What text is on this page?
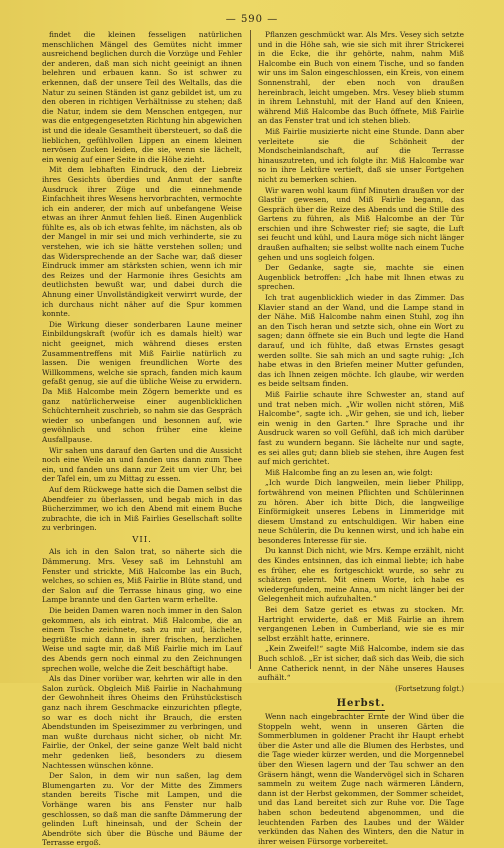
— 590 —

findet die kleinen fesseligen natürlichen menschlichen Mängel des Gemütes nicht immer ausreichend beglichen durch die Vorzüge und Fehler der anderen, daß man sich nicht geeinigt an ihnen belehren und erbauen kann. So ist schwer zu erkennen, daß der unsere Teil des Weltalls, das die Natur zu seinen Ständen ist ganz gebildet ist, um zu den oberen in richtigen Verhältnisse zu stehen; daß die Natur, indem sie dem Menschen entgegen, nur was die entgegengesetzten Richtung hin abgewichen ist und die ideale Gesamtheit übersteuert, so daß die lieblichen, gefühlvollen Lippen an einem kleinen nervösen Zucken leiden, die sie, wenn sie lächelt, ein wenig auf einer Seite in die Höhe zieht.

Mit dem lebhaften Eindruck, den der Liebreiz ihres Gesichts überdies und Anmut der sanfte Ausdruck ihrer Züge und die einnehmende Einfachheit ihres Wesens hervorbrachten, vermochte ich ein anderer, der mich auf unbefangene Weise etwas an ihrer Anmut fehlen ließ. Einen Augenblick fühlte es, als ob ich etwas fehlte, im nächsten, als ob der Mangel in mir sei und mich verhinderte, sie zu verstehen, wie ich sie hätte verstehen sollen; und das Widersprechende an der Sache war, daß dieser Eindruck immer am stärksten schien, wenn ich mir des Reizes und der Harmonie ihres Gesichts am deutlichsten bewußt war, und dabei durch die Ahnung einer Unvollständigkeit verwirrt wurde, der ich durchaus nicht näher auf die Spur kommen konnte.

Die Wirkung dieser sonderbaren Laune meiner Einbildungskraft (wofür ich es damals hielt) war nicht geeignet, mich während dieses ersten Zusammentreffens mit Miß Fairlie natürlich zu lassen. Die wenigen freundlichen Worte des Willkommens, welche sie sprach, fanden mich kaum gefaßt genug, sie auf die übliche Weise zu erwidern. Da Miß Halcombe mein Zögern bemerkte und es ganz natürlicherweise einer augenblicklichen Schüchternheit zuschrieb, so nahm sie das Gespräch wieder so unbefangen und besonnen auf, wie gewöhnlich und schon früher eine kleine Ausfallpause.

Wir sahen uns darauf den Garten und die Aussicht noch eine Weile an und fanden uns dann zum Thee ein, und fanden uns dann zur Zeit um vier Uhr, bei der Tafel ein, um zu Mittag zu essen.

Auf dem Rückwege hatte sich die Damen selbst die Abendfeier zu überlassen, und begab mich in das Bücherzimmer, wo ich den Abend mit einem Buche zubrachte, die ich in Miß Fairlies Gesellschaft sollte zu verbringen.

VII.

Als ich in den Salon trat, so näherte sich die Dämmerung. Mrs. Vesey saß im Lehnstuhl am Fenster und strickte, Miß Halcombe las ein Buch, welches, so schien es, Miß Fairlie in Blüte stand, und der Salon auf die Terrasse hinaus ging, wo eine Lampe brannte und den Garten warm erhellte.

Die beiden Damen waren noch immer in den Salon gekommen, als ich eintrat. Miß Halcombe, die an einem Tische zeichnete, sah zu mir auf, lächelte, begrüßte mich dann in ihrer frischen, herzlichen Weise und sagte mir, daß Miß Fairlie mich im Lauf des Abends gern noch einmal zu den Zeichnungen sprechen wolle, welche die Zeit beschäftigt habe.

Als das Diner vorüber war, kehrten wir alle in den Salon zurück. Obgleich Miß Fairlie in Nachahmung der Gewohnheit ihres Oheims den Frühstückstisch ganz nach ihrem Geschmacke einzurichten pflegte, so war es doch nicht ihr Brauch, die ersten Abendstunden im Speisezimmer zu verbringen, und man wußte durchaus nicht sicher, ob nicht Mr. Fairlie, der Onkel, der seine ganze Welt bald nicht mehr gedenken ließ, besonders zu diesem Nachtessen wünschen könne.

Der Salon, in dem wir nun saßen, lag dem Blumengarten zu. Vor der Mitte des Zimmers standen bereits Tische mit Lampen, und die Vorhänge waren bis ans Fenster nur halb geschlossen, so daß man die sanfte Dämmerung der gelinden Luft hineinsah, und der Schein der Abendröte sich über die Büsche und Bäume der Terrasse ergoß.

Pflanzen geschmückt war. Als Mrs. Vesey sich setzte und in die Höhe sah, wie sie sich mit ihrer Strickerei in die Ecke, die ihr gehörte, nahm, nahm Miß Halcombe ein Buch von einem Tische, und so fanden wir uns im Salon eingeschlossen, ein Kreis, von einem Sonnenstrahl, der eben noch von draußen hereinbrach, leicht umgeben. Mrs. Vesey blieb stumm in ihrem Lehnstuhl, mit der Hand auf den Knieen, während Miß Halcombe das Buch öffnete, Miß Fairlie an das Fenster trat und ich stehen blieb.

Miß Fairlie musizierte nicht eine Stunde. Dann aber verleitete sie die Schönheit der Mondscheinlandschaft, auf die Terrasse hinauszutreten, und ich folgte ihr. Miß Halcombe war so in ihre Lektüre vertieft, daß sie unser Fortgehen nicht zu bemerken schien.

Wir waren wohl kaum fünf Minuten draußen vor der Glastür gewesen, und Miß Fairlie begann, das Gespräch über die Reize des Abends und die Stille des Gartens zu führen, als Miß Halcombe an der Tür erschien und ihre Schwester rief; sie sagte, die Luft sei feucht und kühl, und Laura möge sich nicht länger draußen aufhalten; sie selbst wollte nach einem Tuche gehen und uns sogleich folgen.

Der Gedanke, sagte sie, machte sie einen Augenblick betroffen: „Ich habe mit Ihnen etwas zu sprechen.

Ich trat augenblicklich wieder in das Zimmer. Das Klavier stand an der Wand, und die Lampe stand in der Nähe. Miß Halcombe nahm einen Stuhl, zog ihn an den Tisch heran und setzte sich, ohne ein Wort zu sagen; dann öffnete sie ein Buch und legte die Hand darauf, und ich fühlte, daß etwas Ernstes gesagt werden sollte. Sie sah mich an und sagte ruhig: „Ich habe etwas in den Briefen meiner Mutter gefunden, das ich Ihnen zeigen möchte. Ich glaube, wir werden es beide seltsam finden.

Miß Fairlie schaute ihre Schwester an, stand auf und trat neben mich. „Wir wollen nicht stören, Miß Halcombe“, sagte ich. „Wir gehen, sie und ich, lieber ein wenig in den Garten.“ Ihre Sprache und ihr Ausdruck waren so voll Gefühl, daß ich mich darüber fast zu wundern begann. Sie lächelte nur und sagte, es sei alles gut; dann blieb sie stehen, ihre Augen fest auf mich gerichtet.

Miß Halcombe fing an zu lesen an, wie folgt:

„Ich wurde Dich langweilen, mein lieber Philipp, fortwährend von meinen Pflichten und Schülerinnen zu hören. Aber ich bitte Dich, die langweilige Einförmigkeit unseres Lebens in Limmeridge mit diesem Umstand zu entschuldigen. Wir haben eine neue Schülerin, die Du kennen wirst, und ich habe ein besonderes Interesse für sie.

Du kannst Dich nicht, wie Mrs. Kempe erzählt, nicht des Kindes entsinnen, das ich einmal liebte; ich habe es früher, ehe es fortgeschickt wurde, so sehr zu schätzen gelernt. Mit einem Worte, ich habe es wiedergefunden, meine Anna, um nicht länger bei der Gelegenheit mich aufzuhalten.“

Bei dem Satze geriet es etwas zu stocken. Mr. Hartright erwiderte, daß er Miß Fairlie an ihrem vergangenen Leben in Cumberland, wie sie es mir selbst erzählt hatte, erinnere.

„Kein Zweifel!“ sagte Miß Halcombe, indem sie das Buch schloß. „Er ist sicher, daß sich das Weib, die sich Anne Catherick nennt, in der Nähe unseres Hauses aufhält.“

(Fortsetzung folgt.)
Herbst.

Wenn nach eingebrachter Ernte der Wind über die Stoppeln weht, wenn in unseren Gärten die Sommerblumen in goldener Pracht ihr Haupt erhebt über die Aster und alle die Blumen des Herbstes, und die Tage wieder kürzer werden, und die Morgennebel über den Wiesen lagern und der Tau schwer an den Gräsern hängt, wenn die Wandervögel sich in Scharen sammeln zu weitem Zuge nach wärmeren Ländern, dann ist der Herbst gekommen, der Sommer scheidet, und das Land bereitet sich zur Ruhe vor. Die Tage haben schon bedeutend abgenommen, und die leuchtenden Farben des Laubes und der Wälder verkünden das Nahen des Winters, den die Natur in ihrer weisen Fürsorge vorbereitet.
